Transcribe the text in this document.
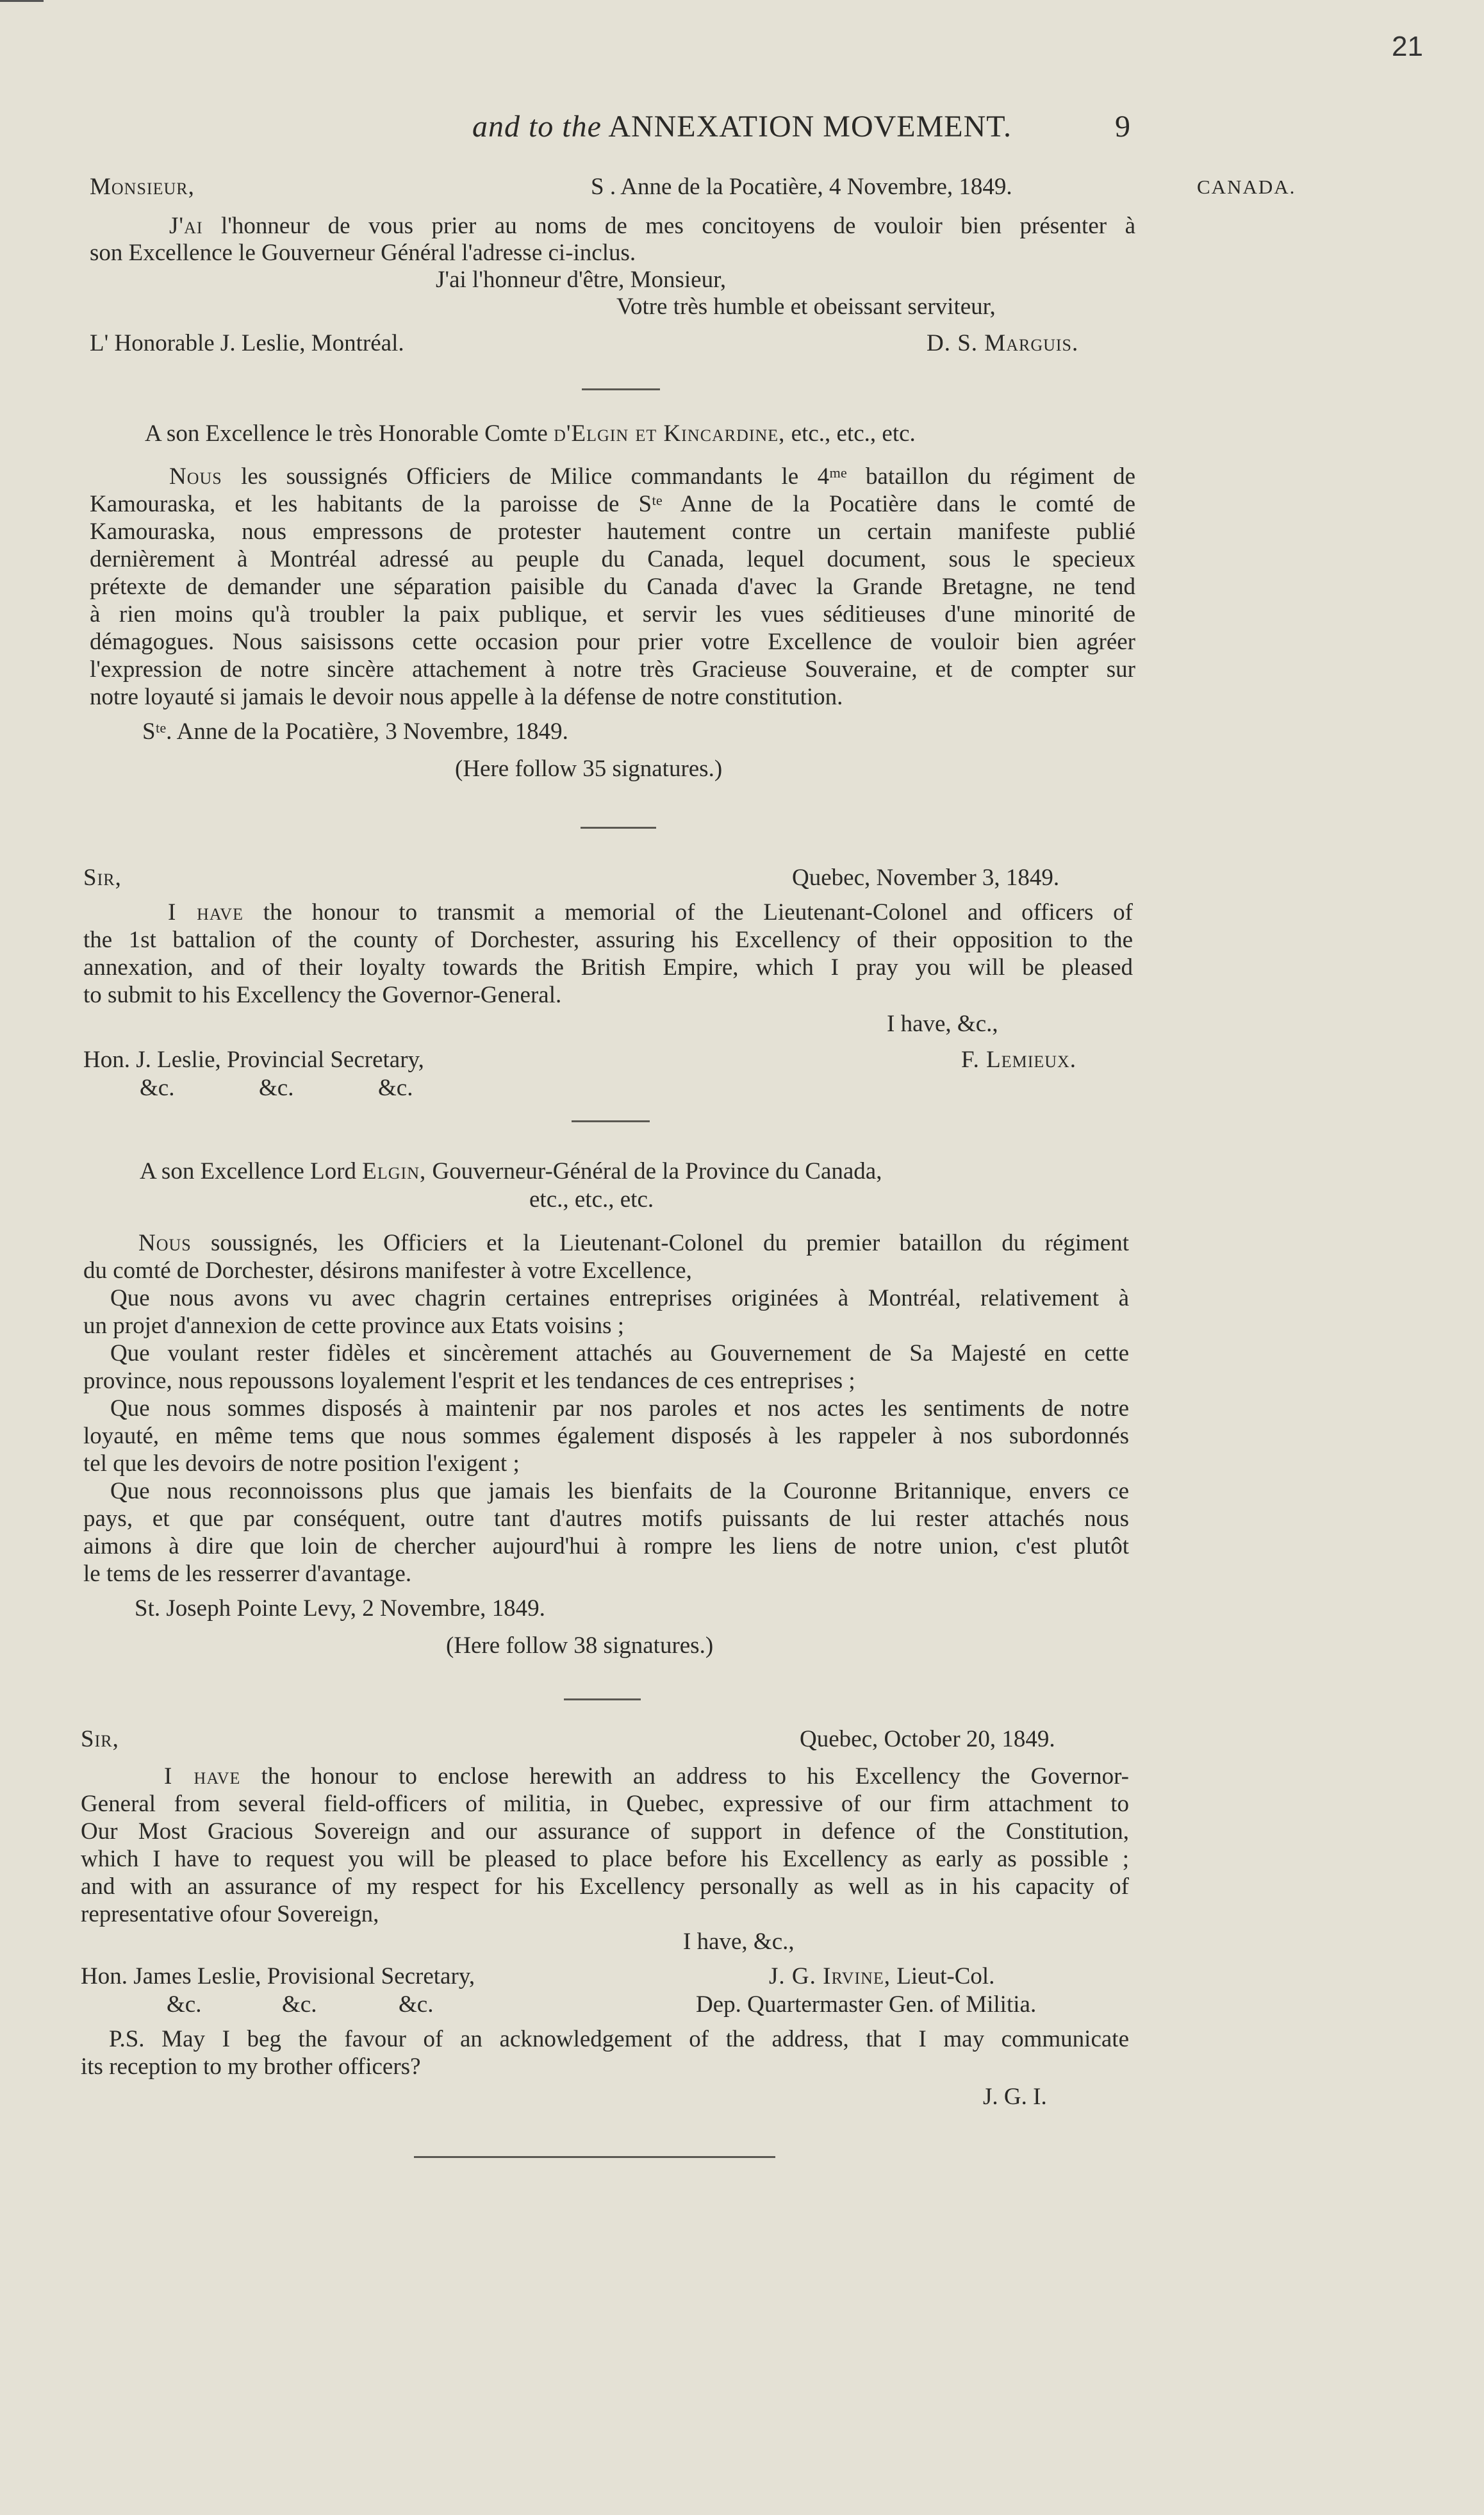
21
and to the ANNEXATION MOVEMENT.	9
CANADA.
Monsieur,	S . Anne de la Pocatière, 4 Novembre, 1849.
J'ai l'honneur de vous prier au noms de mes concitoyens de vouloir bien présenter à
son Excellence le Gouverneur Général l'adresse ci-inclus.
J'ai l'honneur d'être, Monsieur,
Votre très humble et obeissant serviteur,
L' Honorable J. Leslie, Montréal.	D. S. Marguis.
A son Excellence le très Honorable Comte d'Elgin et Kincardine, etc., etc., etc.
Nous les soussignés Officiers de Milice commandants le 4ᵐᵉ bataillon du régiment de
Kamouraska, et les habitants de la paroisse de Sᵗᵉ Anne de la Pocatière dans le comté de
Kamouraska, nous empressons de protester hautement contre un certain manifeste publié
dernièrement à Montréal adressé au peuple du Canada, lequel document, sous le specieux
prétexte de demander une séparation paisible du Canada d'avec la Grande Bretagne, ne tend
à rien moins qu'à troubler la paix publique, et servir les vues séditieuses d'une minorité de
démagogues. Nous saisissons cette occasion pour prier votre Excellence de vouloir bien agréer
l'expression de notre sincère attachement à notre très Gracieuse Souveraine, et de compter sur
notre loyauté si jamais le devoir nous appelle à la défense de notre constitution.
Sᵗᵉ. Anne de la Pocatière, 3 Novembre, 1849.
(Here follow 35 signatures.)
Sir,	Quebec, November 3, 1849.
I have the honour to transmit a memorial of the Lieutenant-Colonel and officers of
the 1st battalion of the county of Dorchester, assuring his Excellency of their opposition to the
annexation, and of their loyalty towards the British Empire, which I pray you will be pleased
to submit to his Excellency the Governor-General.
I have, &c.,
Hon. J. Leslie, Provincial Secretary,	F. Lemieux.
&c.	&c.	&c.
A son Excellence Lord Elgin, Gouverneur-Général de la Province du Canada,
etc., etc., etc.
Nous soussignés, les Officiers et la Lieutenant-Colonel du premier bataillon du régiment
du comté de Dorchester, désirons manifester à votre Excellence,
Que nous avons vu avec chagrin certaines entreprises originées à Montréal, relativement à
un projet d'annexion de cette province aux Etats voisins ;
Que voulant rester fidèles et sincèrement attachés au Gouvernement de Sa Majesté en cette
province, nous repoussons loyalement l'esprit et les tendances de ces entreprises ;
Que nous sommes disposés à maintenir par nos paroles et nos actes les sentiments de notre
loyauté, en même tems que nous sommes également disposés à les rappeler à nos subordonnés
tel que les devoirs de notre position l'exigent ;
Que nous reconnoissons plus que jamais les bienfaits de la Couronne Britannique, envers ce
pays, et que par conséquent, outre tant d'autres motifs puissants de lui rester attachés nous
aimons à dire que loin de chercher aujourd'hui à rompre les liens de notre union, c'est plutôt
le tems de les resserrer d'avantage.
St. Joseph Pointe Levy, 2 Novembre, 1849.
(Here follow 38 signatures.)
Sir,	Quebec, October 20, 1849.
I have the honour to enclose herewith an address to his Excellency the Governor-
General from several field-officers of militia, in Quebec, expressive of our firm attachment to
Our Most Gracious Sovereign and our assurance of support in defence of the Constitution,
which I have to request you will be pleased to place before his Excellency as early as possible ;
and with an assurance of my respect for his Excellency personally as well as in his capacity of
representative ofour Sovereign,
I have, &c.,
Hon. James Leslie, Provisional Secretary,	J. G. Irvine, Lieut-Col.
&c.	&c.	&c.	Dep. Quartermaster Gen. of Militia.
P.S. May I beg the favour of an acknowledgement of the address, that I may communicate
its reception to my brother officers?
J. G. I.
